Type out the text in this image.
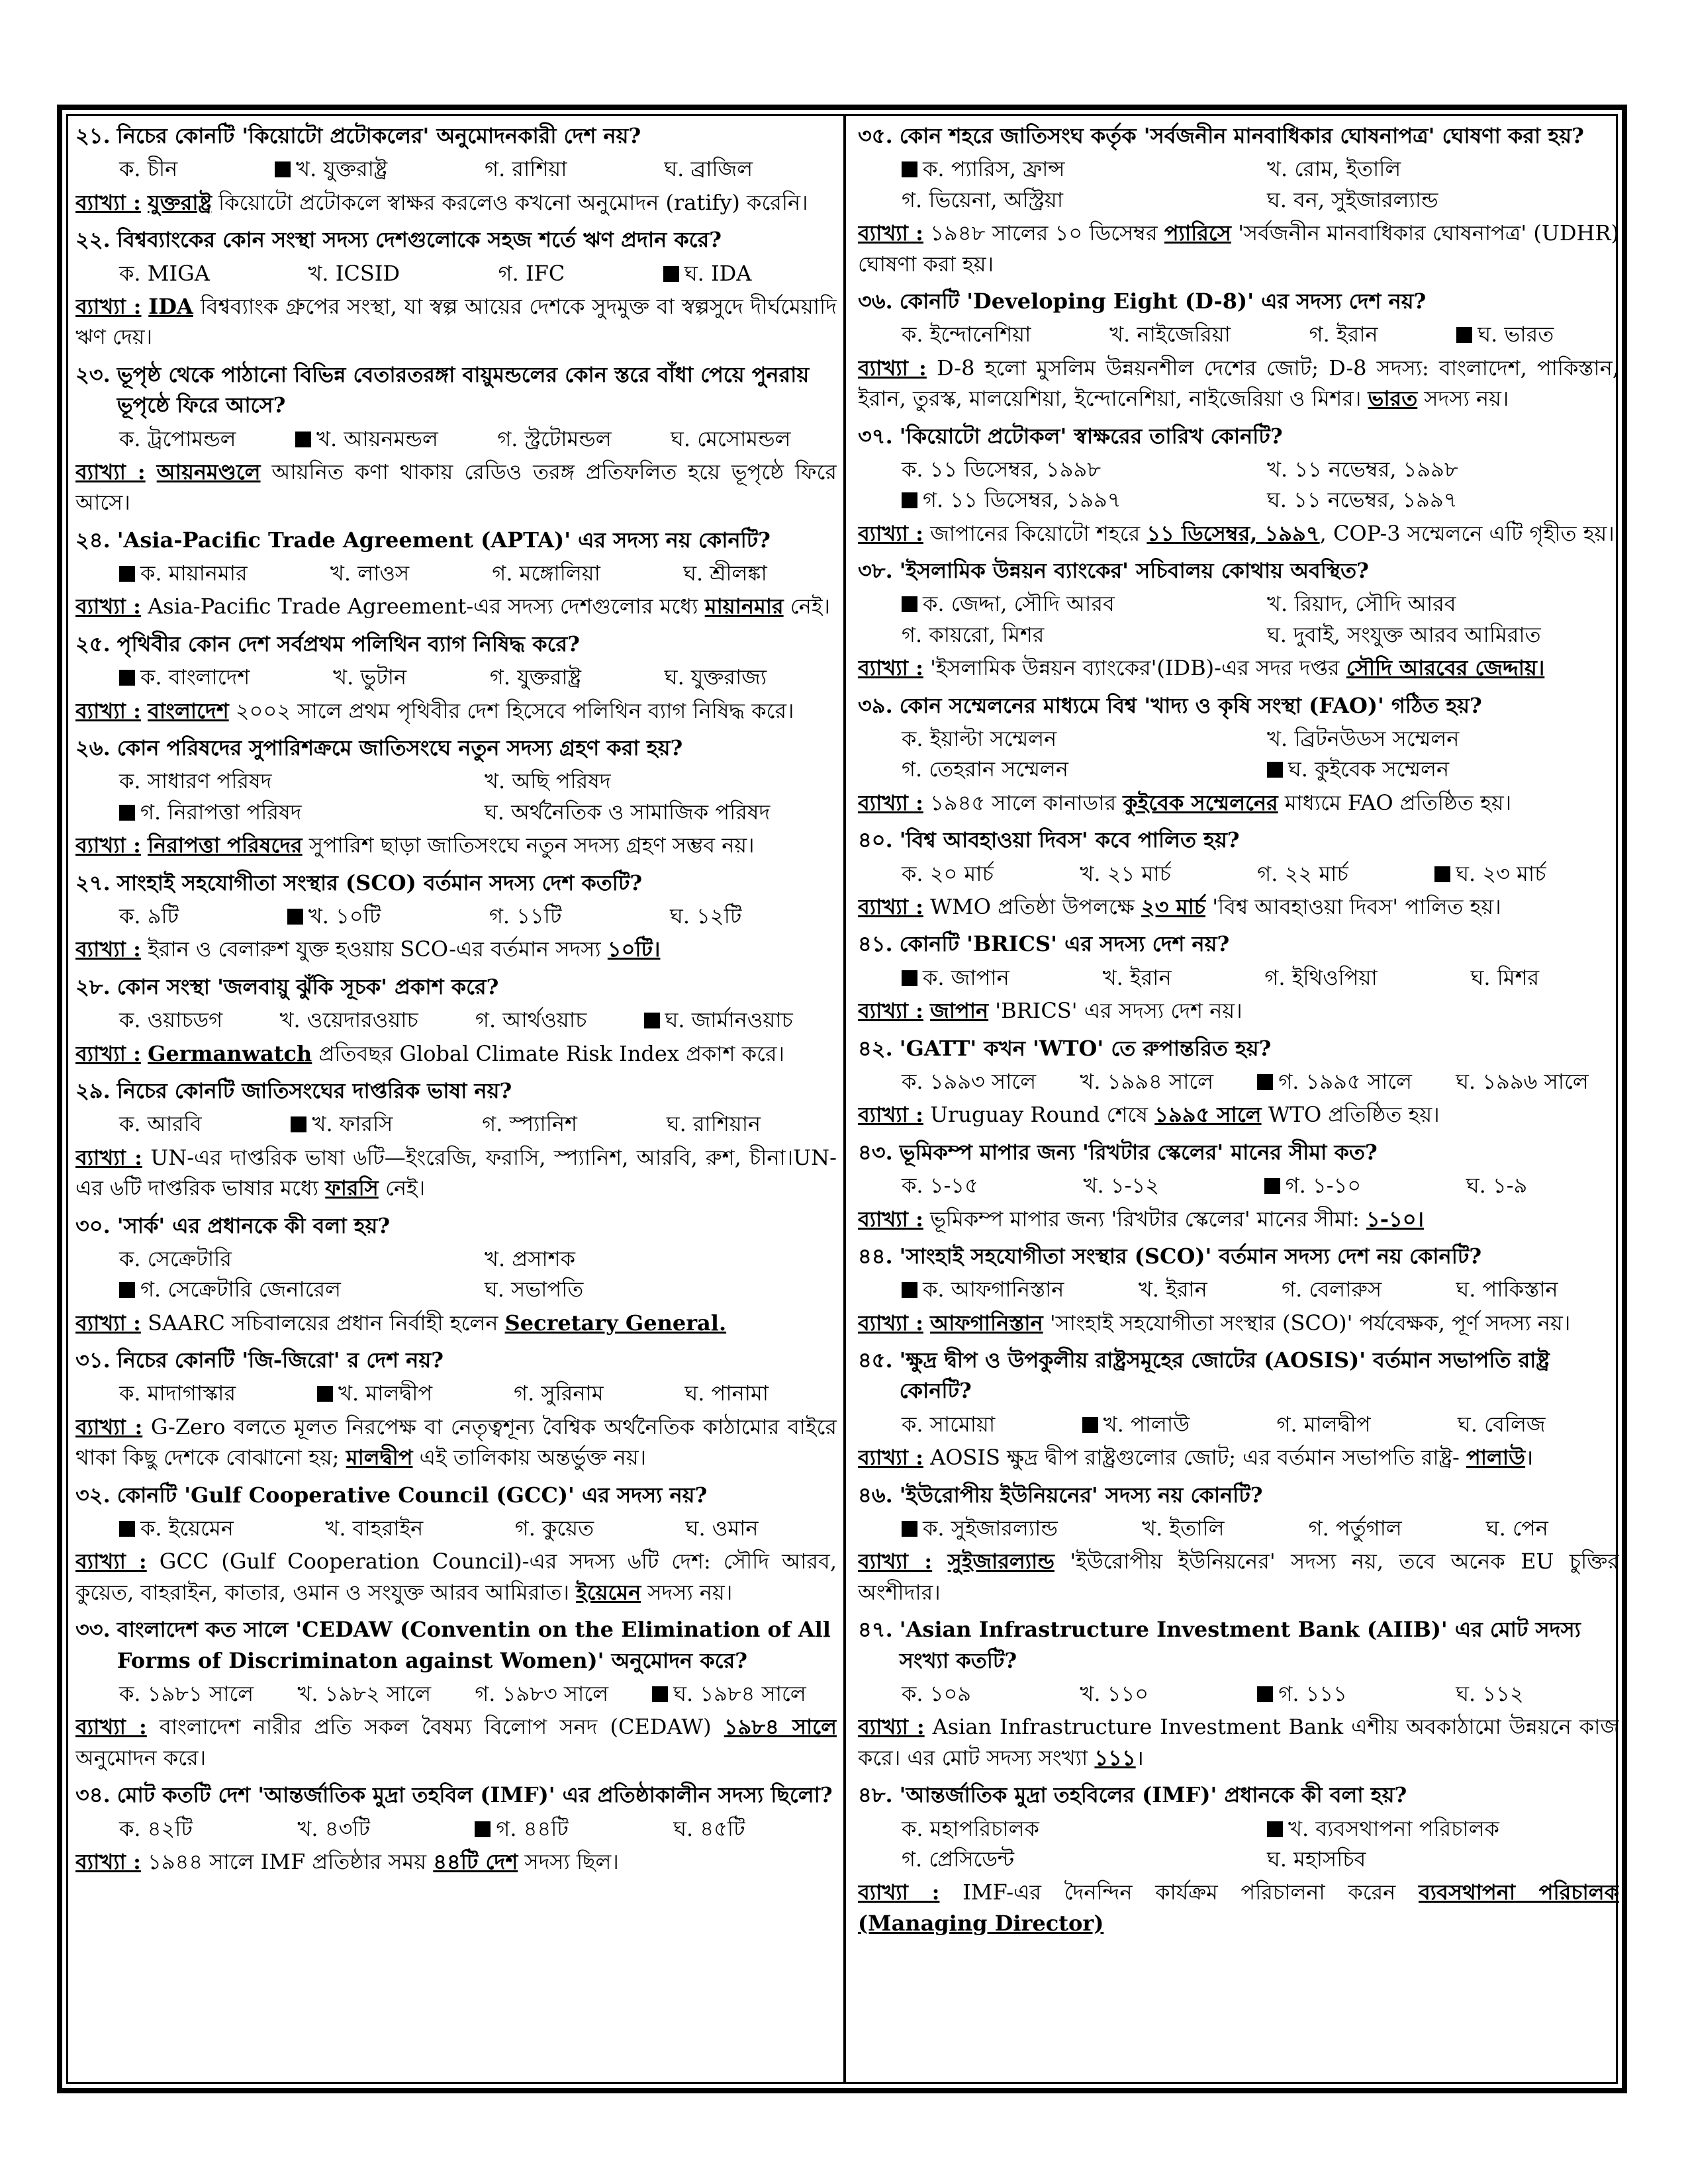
২১. নিচের কোনটি 'কিয়োটো প্রটোকলের' অনুমোদনকারী দেশ নয়?
ক. চীন	খ. যুক্তরাষ্ট্র	গ. রাশিয়া	ঘ. ব্রাজিল
ব্যাখ্যা : যুক্তরাষ্ট্র কিয়োটো প্রটোকলে স্বাক্ষর করলেও কখনো অনুমোদন (ratify) করেনি।
২২. বিশ্বব্যাংকের কোন সংস্থা সদস্য দেশগুলোকে সহজ শর্তে ঋণ প্রদান করে?
ক. MIGA	খ. ICSID	গ. IFC	ঘ. IDA
ব্যাখ্যা : IDA বিশ্বব্যাংক গ্রুপের সংস্থা, যা স্বল্প আয়ের দেশকে সুদমুক্ত বা স্বল্পসুদে দীর্ঘমেয়াদি ঋণ দেয়।
২৩. ভূপৃষ্ঠ থেকে পাঠানো বিভিন্ন বেতারতরঙ্গা বায়ুমন্ডলের কোন স্তরে বাঁধা পেয়ে পুনরায় ভূপৃষ্ঠে ফিরে আসে?
ক. ট্রপোমন্ডল	খ. আয়নমন্ডল	গ. স্ট্রটোমন্ডল	ঘ. মেসোমন্ডল
ব্যাখ্যা : আয়নমণ্ডলে আয়নিত কণা থাকায় রেডিও তরঙ্গ প্রতিফলিত হয়ে ভূপৃষ্ঠে ফিরে আসে।
২৪. 'Asia-Pacific Trade Agreement (APTA)' এর সদস্য নয় কোনটি?
ক. মায়ানমার	খ. লাওস	গ. মঙ্গোলিয়া	ঘ. শ্রীলঙ্কা
ব্যাখ্যা : Asia-Pacific Trade Agreement-এর সদস্য দেশগুলোর মধ্যে মায়ানমার নেই।
২৫. পৃথিবীর কোন দেশ সর্বপ্রথম পলিথিন ব্যাগ নিষিদ্ধ করে?
ক. বাংলাদেশ	খ. ভুটান	গ. যুক্তরাষ্ট্র	ঘ. যুক্তরাজ্য
ব্যাখ্যা : বাংলাদেশ ২০০২ সালে প্রথম পৃথিবীর দেশ হিসেবে পলিথিন ব্যাগ নিষিদ্ধ করে।
২৬. কোন পরিষদের সুপারিশক্রমে জাতিসংঘে নতুন সদস্য গ্রহণ করা হয়?
ক. সাধারণ পরিষদ	খ. অছি পরিষদ
গ. নিরাপত্তা পরিষদ	ঘ. অর্থনৈতিক ও সামাজিক পরিষদ
ব্যাখ্যা : নিরাপত্তা পরিষদের সুপারিশ ছাড়া জাতিসংঘে নতুন সদস্য গ্রহণ সম্ভব নয়।
২৭. সাংহাই সহযোগীতা সংস্থার (SCO) বর্তমান সদস্য দেশ কতটি?
ক. ৯টি	খ. ১০টি	গ. ১১টি	ঘ. ১২টি
ব্যাখ্যা : ইরান ও বেলারুশ যুক্ত হওয়ায় SCO-এর বর্তমান সদস্য ১০টি।
২৮. কোন সংস্থা 'জলবায়ু ঝুঁকি সূচক' প্রকাশ করে?
ক. ওয়াচডগ	খ. ওয়েদারওয়াচ	গ. আর্থওয়াচ	ঘ. জার্মানওয়াচ
ব্যাখ্যা : Germanwatch প্রতিবছর Global Climate Risk Index প্রকাশ করে।
২৯. নিচের কোনটি জাতিসংঘের দাপ্তরিক ভাষা নয়?
ক. আরবি	খ. ফারসি	গ. স্প্যানিশ	ঘ. রাশিয়ান
ব্যাখ্যা : UN-এর দাপ্তরিক ভাষা ৬টি—ইংরেজি, ফরাসি, স্প্যানিশ, আরবি, রুশ, চীনা।UN-এর ৬টি দাপ্তরিক ভাষার মধ্যে ফারসি নেই।
৩০. 'সার্ক' এর প্রধানকে কী বলা হয়?
ক. সেক্রেটারি	খ. প্রসাশক
গ. সেক্রেটারি জেনারেল	ঘ. সভাপতি
ব্যাখ্যা : SAARC সচিবালয়ের প্রধান নির্বাহী হলেন Secretary General.
৩১. নিচের কোনটি 'জি-জিরো' র দেশ নয়?
ক. মাদাগাস্কার	খ. মালদ্বীপ	গ. সুরিনাম	ঘ. পানামা
ব্যাখ্যা : G-Zero বলতে মূলত নিরপেক্ষ বা নেতৃত্বশূন্য বৈশ্বিক অর্থনৈতিক কাঠামোর বাইরে থাকা কিছু দেশকে বোঝানো হয়; মালদ্বীপ এই তালিকায় অন্তর্ভুক্ত নয়।
৩২. কোনটি 'Gulf Cooperative Council (GCC)' এর সদস্য নয়?
ক. ইয়েমেন	খ. বাহরাইন	গ. কুয়েত	ঘ. ওমান
ব্যাখ্যা : GCC (Gulf Cooperation Council)-এর সদস্য ৬টি দেশ: সৌদি আরব, কুয়েত, বাহরাইন, কাতার, ওমান ও সংযুক্ত আরব আমিরাত। ইয়েমেন সদস্য নয়।
৩৩. বাংলাদেশ কত সালে 'CEDAW (Conventin on the Elimination of All Forms of Discriminaton against Women)' অনুমোদন করে?
ক. ১৯৮১ সালে	খ. ১৯৮২ সালে	গ. ১৯৮৩ সালে	ঘ. ১৯৮৪ সালে
ব্যাখ্যা : বাংলাদেশ নারীর প্রতি সকল বৈষম্য বিলোপ সনদ (CEDAW) ১৯৮৪ সালে অনুমোদন করে।
৩৪. মোট কতটি দেশ 'আন্তর্জাতিক মুদ্রা তহবিল (IMF)' এর প্রতিষ্ঠাকালীন সদস্য ছিলো?
ক. ৪২টি	খ. ৪৩টি	গ. ৪৪টি	ঘ. ৪৫টি
ব্যাখ্যা : ১৯৪৪ সালে IMF প্রতিষ্ঠার সময় ৪৪টি দেশ সদস্য ছিল।
৩৫. কোন শহরে জাতিসংঘ কর্তৃক 'সর্বজনীন মানবাধিকার ঘোষনাপত্র' ঘোষণা করা হয়?
ক. প্যারিস, ফ্রান্স	খ. রোম, ইতালি
গ. ভিয়েনা, অস্ট্রিয়া	ঘ. বন, সুইজারল্যান্ড
ব্যাখ্যা : ১৯৪৮ সালের ১০ ডিসেম্বর প্যারিসে 'সর্বজনীন মানবাধিকার ঘোষনাপত্র' (UDHR) ঘোষণা করা হয়।
৩৬. কোনটি 'Developing Eight (D-8)' এর সদস্য দেশ নয়?
ক. ইন্দোনেশিয়া	খ. নাইজেরিয়া	গ. ইরান	ঘ. ভারত
ব্যাখ্যা : D-8 হলো মুসলিম উন্নয়নশীল দেশের জোট; D-8 সদস্য: বাংলাদেশ, পাকিস্তান, ইরান, তুরস্ক, মালয়েশিয়া, ইন্দোনেশিয়া, নাইজেরিয়া ও মিশর। ভারত সদস্য নয়।
৩৭. 'কিয়োটো প্রটোকল' স্বাক্ষরের তারিখ কোনটি?
ক. ১১ ডিসেম্বর, ১৯৯৮	খ. ১১ নভেম্বর, ১৯৯৮
গ. ১১ ডিসেম্বর, ১৯৯৭	ঘ. ১১ নভেম্বর, ১৯৯৭
ব্যাখ্যা : জাপানের কিয়োটো শহরে ১১ ডিসেম্বর, ১৯৯৭, COP-3 সম্মেলনে এটি গৃহীত হয়।
৩৮. 'ইসলামিক উন্নয়ন ব্যাংকের' সচিবালয় কোথায় অবস্থিত?
ক. জেদ্দা, সৌদি আরব	খ. রিয়াদ, সৌদি আরব
গ. কায়রো, মিশর	ঘ. দুবাই, সংযুক্ত আরব আমিরাত
ব্যাখ্যা : 'ইসলামিক উন্নয়ন ব্যাংকের'(IDB)-এর সদর দপ্তর সৌদি আরবের জেদ্দায়।
৩৯. কোন সম্মেলনের মাধ্যমে বিশ্ব 'খাদ্য ও কৃষি সংস্থা (FAO)' গঠিত হয়?
ক. ইয়াল্টা সম্মেলন	খ. ব্রিটনউডস সম্মেলন
গ. তেহরান সম্মেলন	ঘ. কুইবেক সম্মেলন
ব্যাখ্যা : ১৯৪৫ সালে কানাডার কুইবেক সম্মেলনের মাধ্যমে FAO প্রতিষ্ঠিত হয়।
৪০. 'বিশ্ব আবহাওয়া দিবস' কবে পালিত হয়?
ক. ২০ মার্চ	খ. ২১ মার্চ	গ. ২২ মার্চ	ঘ. ২৩ মার্চ
ব্যাখ্যা : WMO প্রতিষ্ঠা উপলক্ষে ২৩ মার্চ 'বিশ্ব আবহাওয়া দিবস' পালিত হয়।
৪১. কোনটি 'BRICS' এর সদস্য দেশ নয়?
ক. জাপান	খ. ইরান	গ. ইথিওপিয়া	ঘ. মিশর
ব্যাখ্যা : জাপান 'BRICS' এর সদস্য দেশ নয়।
৪২. 'GATT' কখন 'WTO' তে রুপান্তরিত হয়?
ক. ১৯৯৩ সালে	খ. ১৯৯৪ সালে	গ. ১৯৯৫ সালে	ঘ. ১৯৯৬ সালে
ব্যাখ্যা : Uruguay Round শেষে ১৯৯৫ সালে WTO প্রতিষ্ঠিত হয়।
৪৩. ভূমিকম্প মাপার জন্য 'রিখটার স্কেলের' মানের সীমা কত?
ক. ১-১৫	খ. ১-১২	গ. ১-১০	ঘ. ১-৯
ব্যাখ্যা : ভূমিকম্প মাপার জন্য 'রিখটার স্কেলের' মানের সীমা: ১-১০।
৪৪. 'সাংহাই সহযোগীতা সংস্থার (SCO)' বর্তমান সদস্য দেশ নয় কোনটি?
ক. আফগানিস্তান	খ. ইরান	গ. বেলারুস	ঘ. পাকিস্তান
ব্যাখ্যা : আফগানিস্তান 'সাংহাই সহযোগীতা সংস্থার (SCO)' পর্যবেক্ষক, পূর্ণ সদস্য নয়।
৪৫. 'ক্ষুদ্র দ্বীপ ও উপকুলীয় রাষ্ট্রসমূহের জোটের (AOSIS)' বর্তমান সভাপতি রাষ্ট্র কোনটি?
ক. সামোয়া	খ. পালাউ	গ. মালদ্বীপ	ঘ. বেলিজ
ব্যাখ্যা : AOSIS ক্ষুদ্র দ্বীপ রাষ্ট্রগুলোর জোট; এর বর্তমান সভাপতি রাষ্ট্র- পালাউ।
৪৬. 'ইউরোপীয় ইউনিয়নের' সদস্য নয় কোনটি?
ক. সুইজারল্যান্ড	খ. ইতালি	গ. পর্তুগাল	ঘ. পেন
ব্যাখ্যা : সুইজারল্যান্ড 'ইউরোপীয় ইউনিয়নের' সদস্য নয়, তবে অনেক EU চুক্তির অংশীদার।
৪৭. 'Asian Infrastructure Investment Bank (AIIB)' এর মোট সদস্য সংখ্যা কতটি?
ক. ১০৯	খ. ১১০	গ. ১১১	ঘ. ১১২
ব্যাখ্যা : Asian Infrastructure Investment Bank এশীয় অবকাঠামো উন্নয়নে কাজ করে। এর মোট সদস্য সংখ্যা ১১১।
৪৮. 'আন্তর্জাতিক মুদ্রা তহবিলের (IMF)' প্রধানকে কী বলা হয়?
ক. মহাপরিচালক	খ. ব্যবসথাপনা পরিচালক
গ. প্রেসিডেন্ট	ঘ. মহাসচিব
ব্যাখ্যা : IMF-এর দৈনন্দিন কার্যক্রম পরিচালনা করেন ব্যবসথাপনা পরিচালক (Managing Director)
